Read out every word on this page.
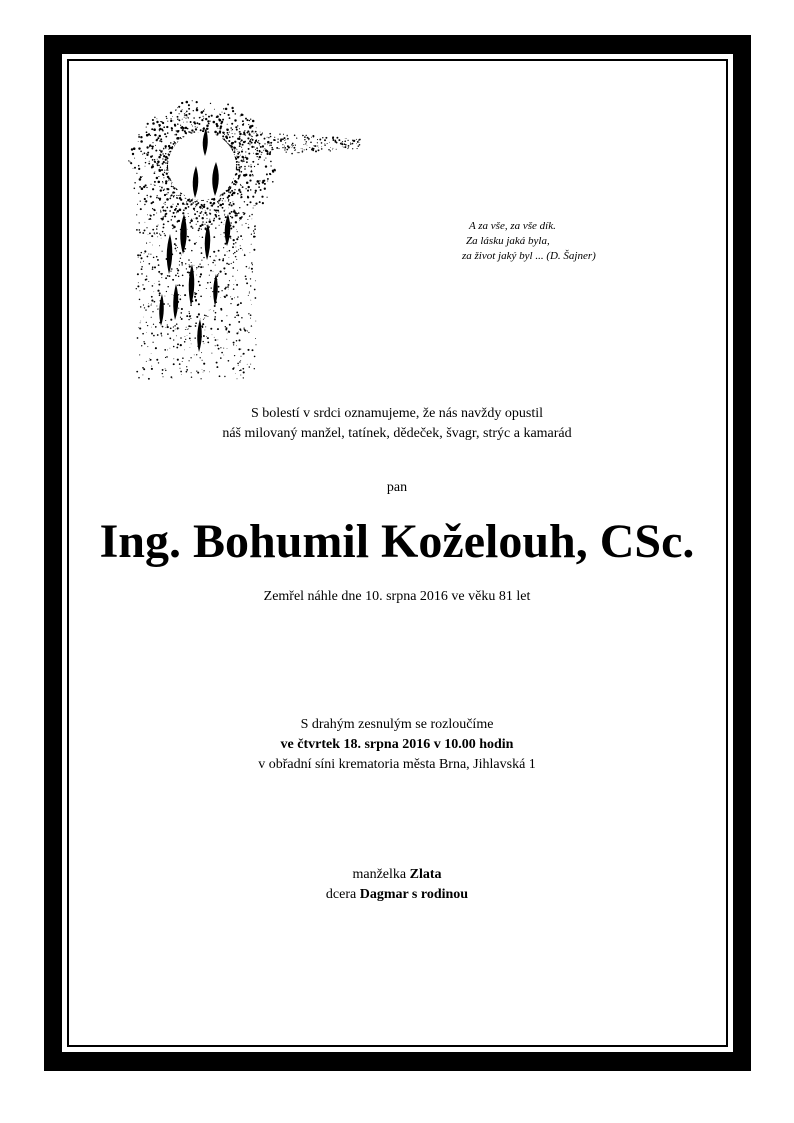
A za vše, za vše dík.
Za lásku jaká byla,
za život jaký byl ... (D. Šajner)
S bolestí v srdci oznamujeme, že nás navždy opustil
náš milovaný manžel, tatínek, dědeček, švagr, strýc a kamarád
pan
Ing. Bohumil Koželouh, CSc.
Zemřel náhle dne 10. srpna 2016 ve věku 81 let
S drahým zesnulým se rozloučíme
ve čtvrtek 18. srpna 2016 v 10.00 hodin
v obřadní síni krematoria města Brna, Jihlavská 1
manželka Zlata
dcera Dagmar s rodinou
